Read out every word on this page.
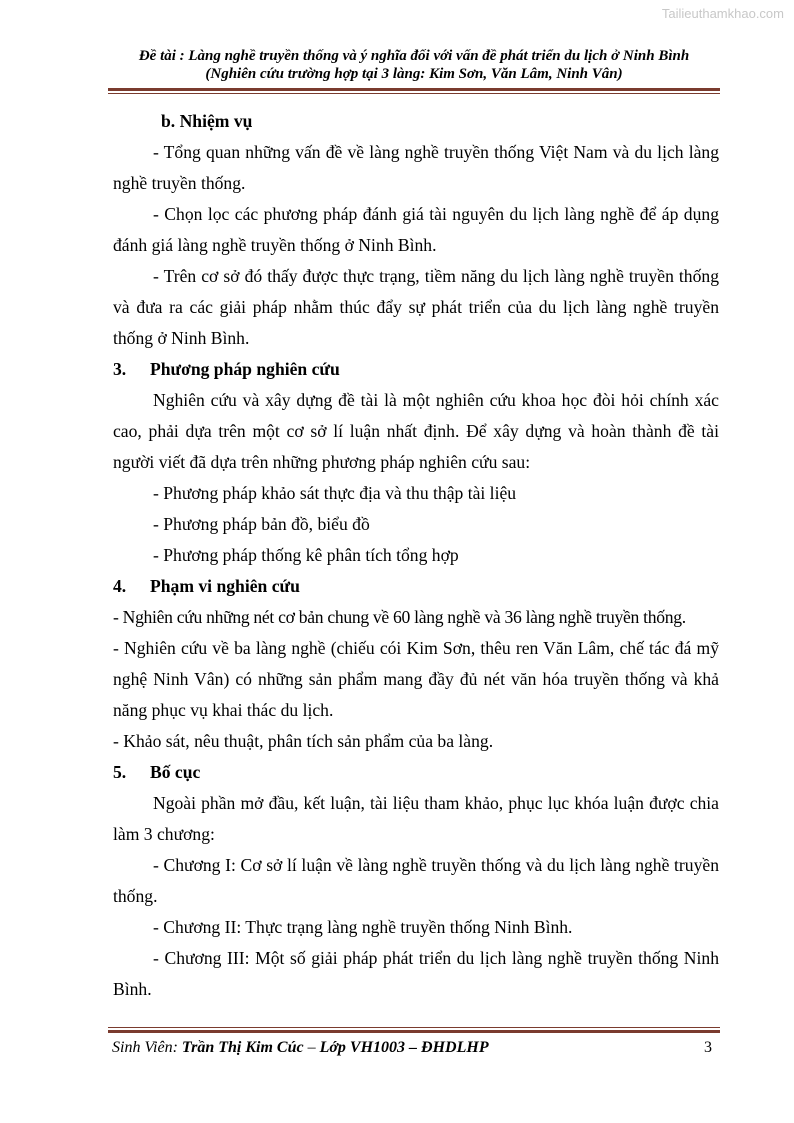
Tailieuthamkhao.com
Đề tài : Làng nghề truyền thống và ý nghĩa đối với vấn đề phát triển du lịch ở Ninh Bình
(Nghiên cứu trường hợp tại 3 làng: Kim Sơn, Văn Lâm, Ninh Vân)

b. Nhiệm vụ

- Tổng quan những vấn đề về làng nghề truyền thống Việt Nam và du lịch làng nghề truyền thống.

- Chọn lọc các phương pháp đánh giá tài nguyên du lịch làng nghề để áp dụng đánh giá làng nghề truyền thống ở Ninh Bình.

- Trên cơ sở đó thấy được thực trạng, tiềm năng du lịch làng nghề truyền thống và đưa ra các giải pháp nhằm thúc đẩy sự phát triển của du lịch làng nghề truyền thống ở Ninh Bình.

3.	Phương pháp nghiên cứu

Nghiên cứu và xây dựng đề tài là một nghiên cứu khoa học đòi hỏi chính xác cao, phải dựa trên một cơ sở lí luận nhất định. Để xây dựng và hoàn thành đề tài người viết đã dựa trên những phương pháp nghiên cứu sau:

- Phương pháp khảo sát thực địa và thu thập tài liệu

- Phương pháp bản đồ, biểu đồ

- Phương pháp thống kê phân tích tổng hợp

4.	Phạm vi nghiên cứu

- Nghiên cứu những nét cơ bản chung về 60 làng nghề và 36 làng nghề truyền thống.

- Nghiên cứu về ba làng nghề (chiếu cói Kim Sơn, thêu ren Văn Lâm, chế tác đá mỹ nghệ Ninh Vân) có những sản phẩm mang đầy đủ nét văn hóa truyền thống và khả năng phục vụ khai thác du lịch.

- Khảo sát, nêu thuật, phân tích sản phẩm của ba làng.

5.	Bố cục

Ngoài phần mở đầu, kết luận, tài liệu tham khảo, phục lục khóa luận được chia làm 3 chương:

- Chương I: Cơ sở lí luận về làng nghề truyền thống và du lịch làng nghề truyền thống.

- Chương II: Thực trạng làng nghề truyền thống Ninh Bình.

- Chương III: Một số giải pháp phát triển du lịch làng nghề truyền thống Ninh Bình.

Sinh Viên: Trần Thị Kim Cúc – Lớp VH1003 – ĐHDLHP	3
